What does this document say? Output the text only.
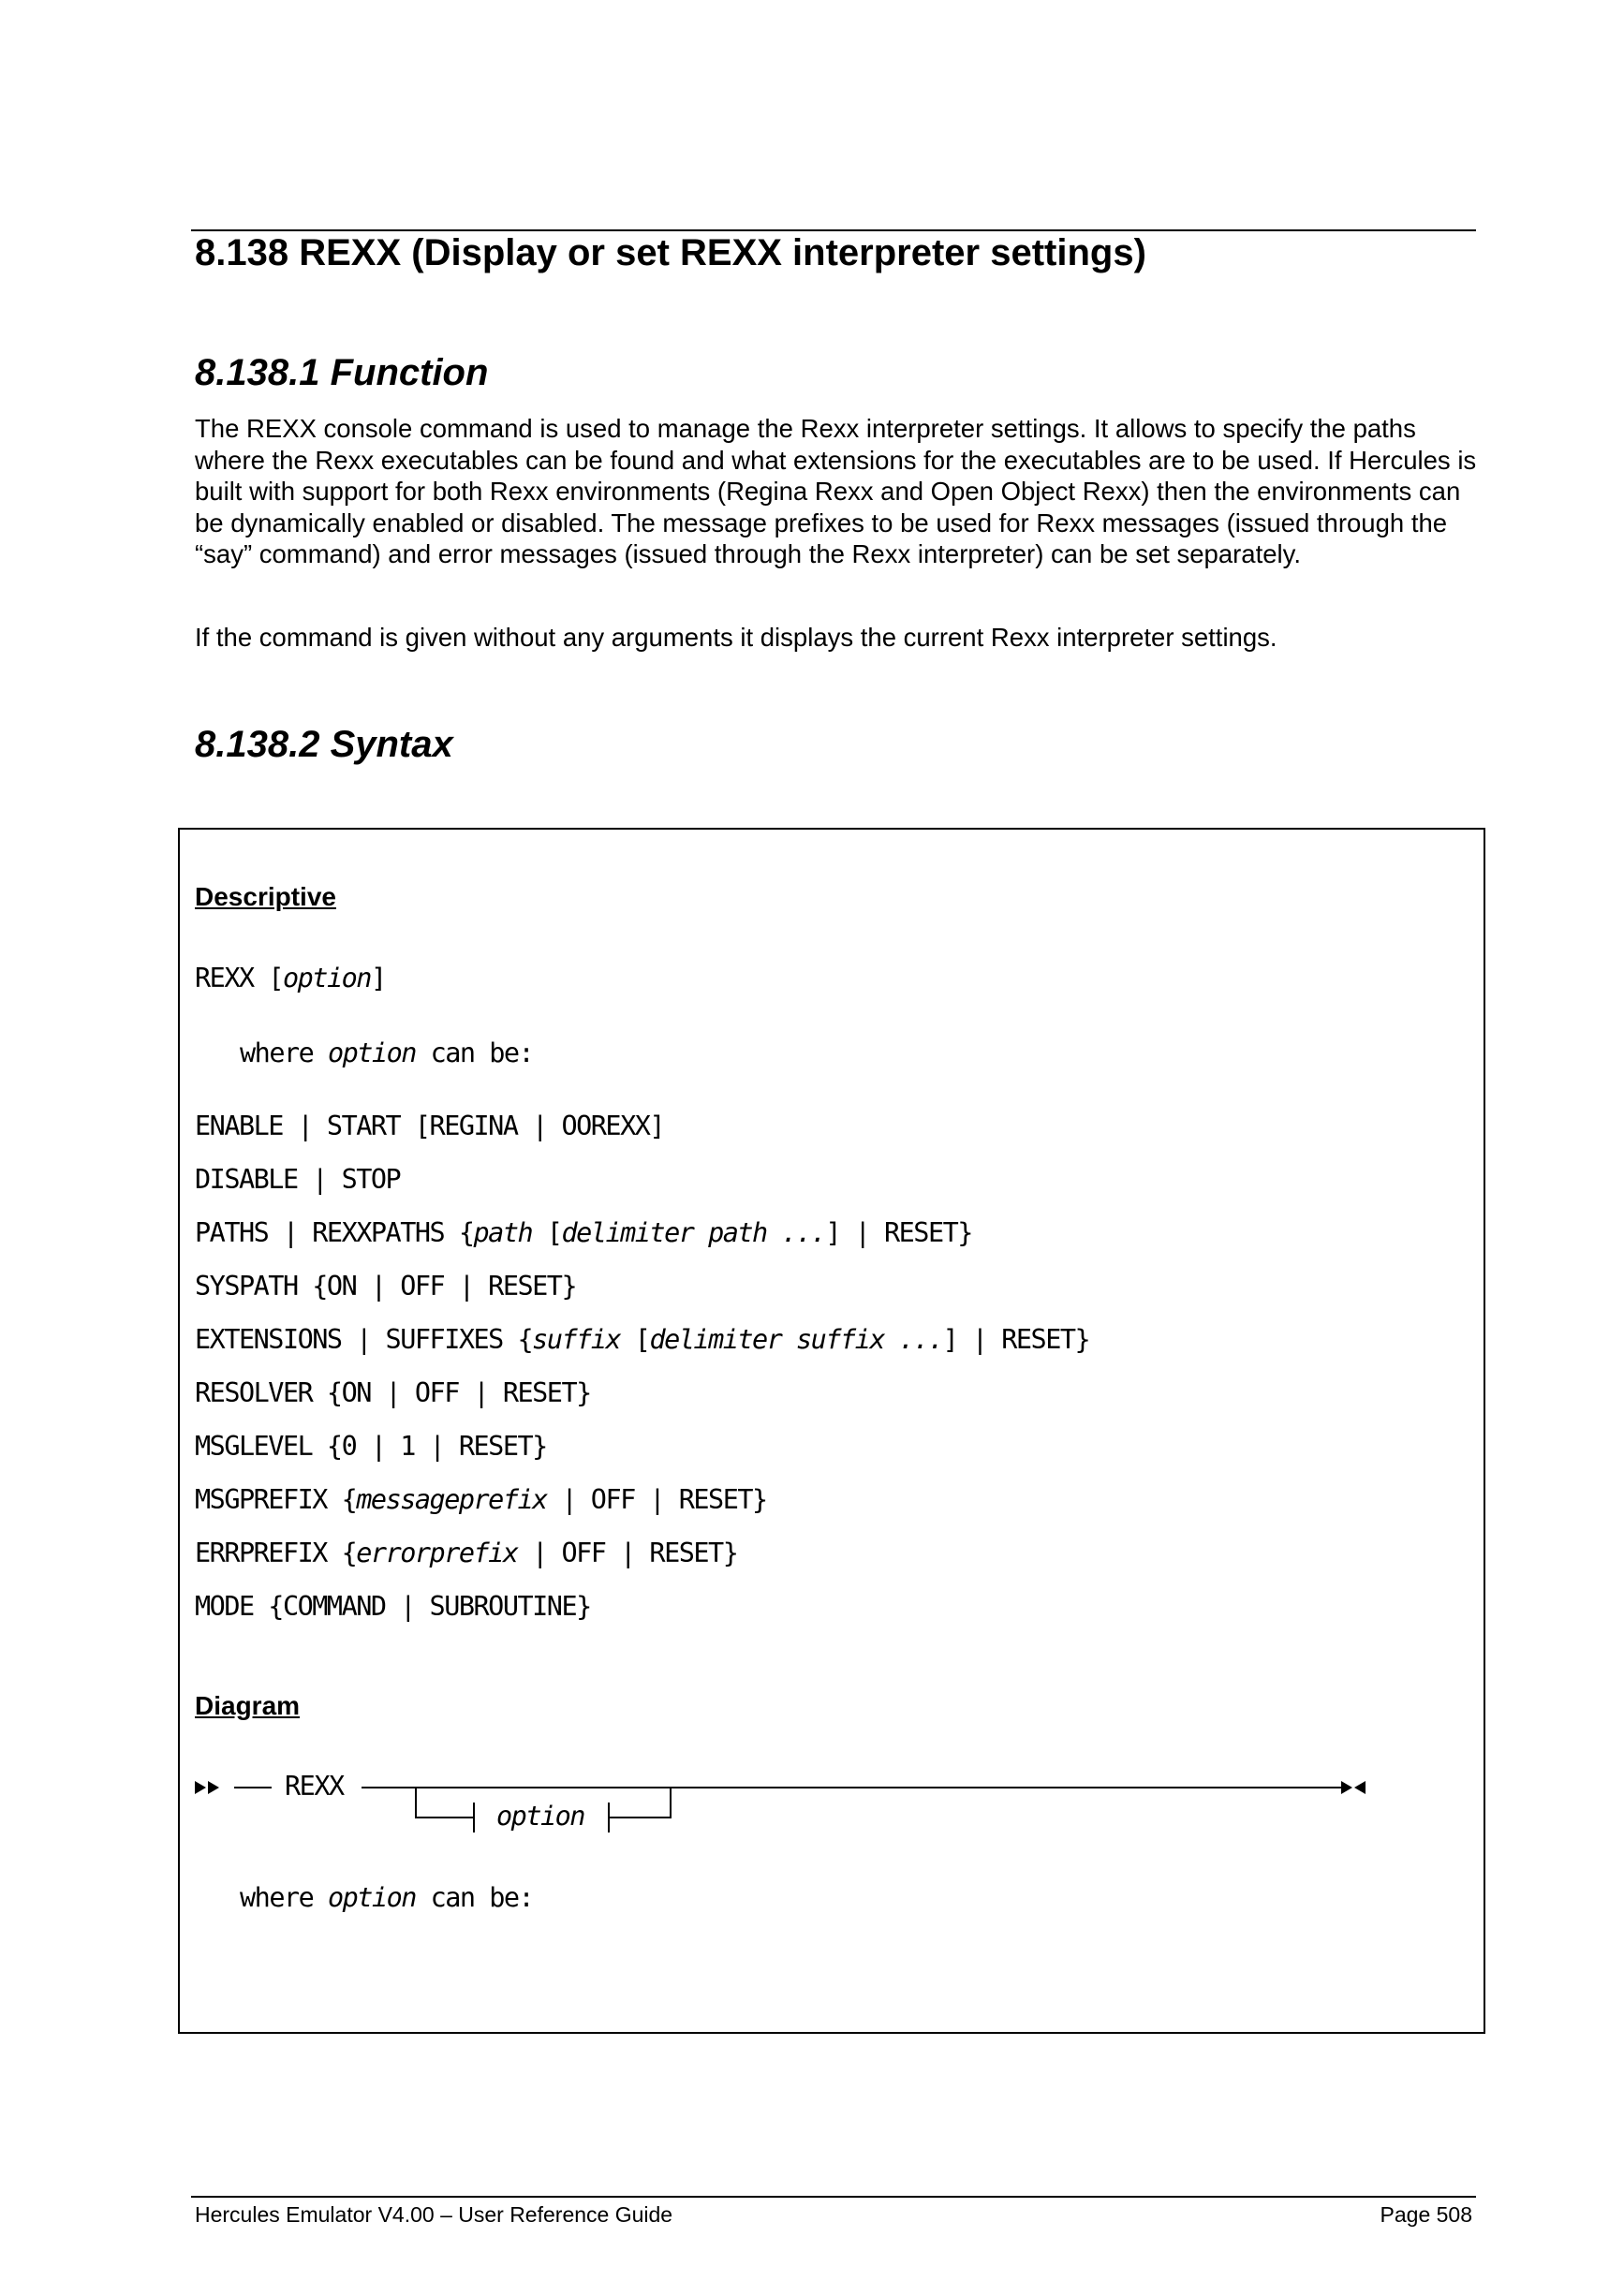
8.138 REXX (Display or set REXX interpreter settings)
8.138.1 Function
The REXX console command is used to manage the Rexx interpreter settings. It allows to specify the paths where the Rexx executables can be found and what extensions for the executables are to be used. If Hercules is built with support for both Rexx environments (Regina Rexx and Open Object Rexx) then the environments can be dynamically enabled or disabled. The message prefixes to be used for Rexx messages (issued through the “say” command) and error messages (issued through the Rexx interpreter) can be set separately.
If the command is given without any arguments it displays the current Rexx interpreter settings.
8.138.2 Syntax
Descriptive
REXX [option]
where option can be:
ENABLE | START [REGINA | OOREXX]
DISABLE | STOP
PATHS | REXXPATHS {path [delimiter path ...] | RESET}
SYSPATH {ON | OFF | RESET}
EXTENSIONS | SUFFIXES {suffix [delimiter suffix ...] | RESET}
RESOLVER {ON | OFF | RESET}
MSGLEVEL {0 | 1 | RESET}
MSGPREFIX {messageprefix | OFF | RESET}
ERRPREFIX {errorprefix | OFF | RESET}
MODE {COMMAND | SUBROUTINE}
Diagram
REXX
option
where option can be:
Hercules Emulator V4.00 – User Reference Guide	Page 508
